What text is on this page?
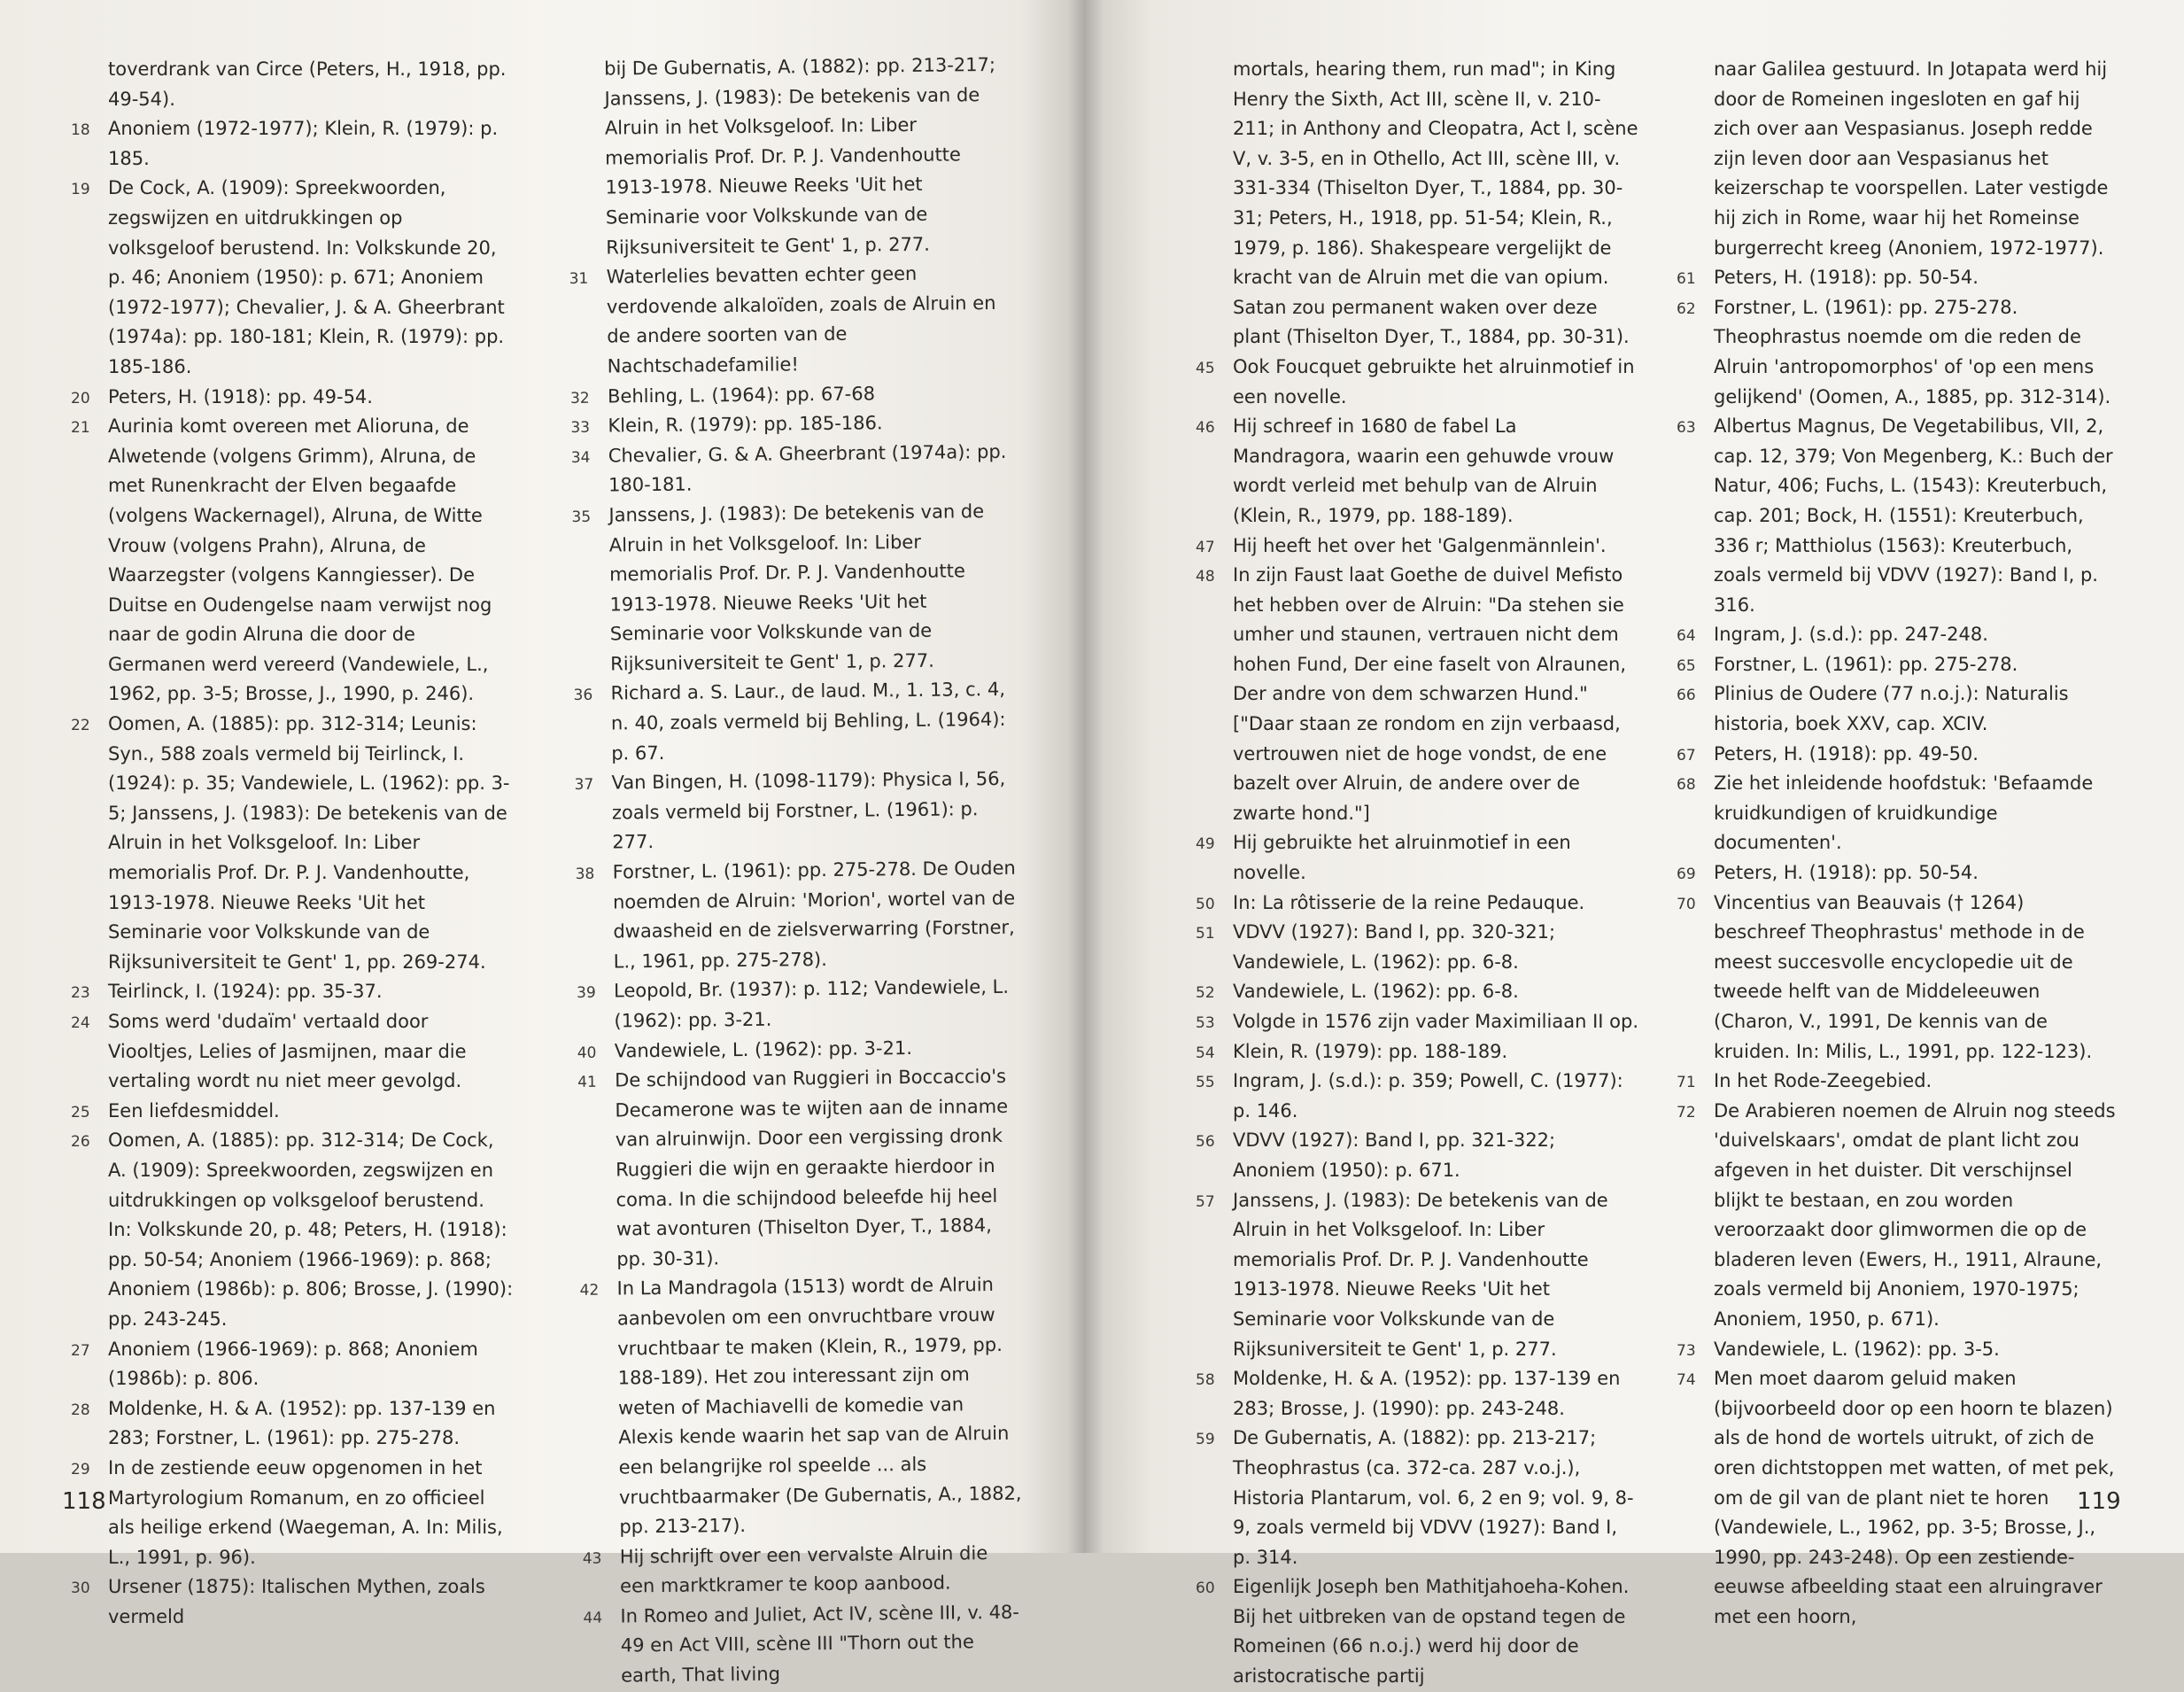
toverdrank van Circe (Peters, H., 1918, pp. 49-54).

18 Anoniem (1972-1977); Klein, R. (1979): p. 185.

19 De Cock, A. (1909): Spreekwoorden, zegswijzen en uitdrukkingen op volksgeloof berustend. In: Volkskunde 20, p. 46; Anoniem (1950): p. 671; Anoniem (1972-1977); Chevalier, J. & A. Gheerbrant (1974a): pp. 180-181; Klein, R. (1979): pp. 185-186.

20 Peters, H. (1918): pp. 49-54.

21 Aurinia komt overeen met Alioruna, de Alwetende (volgens Grimm), Alruna, de met Runenkracht der Elven begaafde (volgens Wackernagel), Alruna, de Witte Vrouw (volgens Prahn), Alruna, de Waarzegster (volgens Kanngiesser). De Duitse en Oudengelse naam verwijst nog naar de godin Alruna die door de Germanen werd vereerd (Vandewiele, L., 1962, pp. 3-5; Brosse, J., 1990, p. 246).

22 Oomen, A. (1885): pp. 312-314; Leunis: Syn., 588 zoals vermeld bij Teirlinck, I. (1924): p. 35; Vandewiele, L. (1962): pp. 3-5; Janssens, J. (1983): De betekenis van de Alruin in het Volksgeloof. In: Liber memorialis Prof. Dr. P. J. Vandenhoutte, 1913-1978. Nieuwe Reeks 'Uit het Seminarie voor Volkskunde van de Rijksuniversiteit te Gent' 1, pp. 269-274.

23 Teirlinck, I. (1924): pp. 35-37.

24 Soms werd 'dudaïm' vertaald door Viooltjes, Lelies of Jasmijnen, maar die vertaling wordt nu niet meer gevolgd.

25 Een liefdesmiddel.

26 Oomen, A. (1885): pp. 312-314; De Cock, A. (1909): Spreekwoorden, zegswijzen en uitdrukkingen op volksgeloof berustend. In: Volkskunde 20, p. 48; Peters, H. (1918): pp. 50-54; Anoniem (1966-1969): p. 868; Anoniem (1986b): p. 806; Brosse, J. (1990): pp. 243-245.

27 Anoniem (1966-1969): p. 868; Anoniem (1986b): p. 806.

28 Moldenke, H. & A. (1952): pp. 137-139 en 283; Forstner, L. (1961): pp. 275-278.

29 In de zestiende eeuw opgenomen in het Martyrologium Romanum, en zo officieel als heilige erkend (Waegeman, A. In: Milis, L., 1991, p. 96).

30 Ursener (1875): Italischen Mythen, zoals vermeld

bij De Gubernatis, A. (1882): pp. 213-217; Janssens, J. (1983): De betekenis van de Alruin in het Volksgeloof. In: Liber memorialis Prof. Dr. P. J. Vandenhoutte 1913-1978. Nieuwe Reeks 'Uit het Seminarie voor Volkskunde van de Rijksuniversiteit te Gent' 1, p. 277.

31 Waterlelies bevatten echter geen verdovende alkaloïden, zoals de Alruin en de andere soorten van de Nachtschadefamilie!

32 Behling, L. (1964): pp. 67-68

33 Klein, R. (1979): pp. 185-186.

34 Chevalier, G. & A. Gheerbrant (1974a): pp. 180-181.

35 Janssens, J. (1983): De betekenis van de Alruin in het Volksgeloof. In: Liber memorialis Prof. Dr. P. J. Vandenhoutte 1913-1978. Nieuwe Reeks 'Uit het Seminarie voor Volkskunde van de Rijksuniversiteit te Gent' 1, p. 277.

36 Richard a. S. Laur., de laud. M., 1. 13, c. 4, n. 40, zoals vermeld bij Behling, L. (1964): p. 67.

37 Van Bingen, H. (1098-1179): Physica I, 56, zoals vermeld bij Forstner, L. (1961): p. 277.

38 Forstner, L. (1961): pp. 275-278. De Ouden noemden de Alruin: 'Morion', wortel van de dwaasheid en de zielsverwarring (Forstner, L., 1961, pp. 275-278).

39 Leopold, Br. (1937): p. 112; Vandewiele, L. (1962): pp. 3-21.

40 Vandewiele, L. (1962): pp. 3-21.

41 De schijndood van Ruggieri in Boccaccio's Decamerone was te wijten aan de inname van alruinwijn. Door een vergissing dronk Ruggieri die wijn en geraakte hierdoor in coma. In die schijndood beleefde hij heel wat avonturen (Thiselton Dyer, T., 1884, pp. 30-31).

42 In La Mandragola (1513) wordt de Alruin aanbevolen om een onvruchtbare vrouw vruchtbaar te maken (Klein, R., 1979, pp. 188-189). Het zou interessant zijn om weten of Machiavelli de komedie van Alexis kende waarin het sap van de Alruin een belangrijke rol speelde ... als vruchtbaarmaker (De Gubernatis, A., 1882, pp. 213-217).

43 Hij schrijft over een vervalste Alruin die een marktkramer te koop aanbood.

44 In Romeo and Juliet, Act IV, scène III, v. 48-49 en Act VIII, scène III "Thorn out the earth, That living

118

mortals, hearing them, run mad"; in King Henry the Sixth, Act III, scène II, v. 210-211; in Anthony and Cleopatra, Act I, scène V, v. 3-5, en in Othello, Act III, scène III, v. 331-334 (Thiselton Dyer, T., 1884, pp. 30-31; Peters, H., 1918, pp. 51-54; Klein, R., 1979, p. 186). Shakespeare vergelijkt de kracht van de Alruin met die van opium. Satan zou permanent waken over deze plant (Thiselton Dyer, T., 1884, pp. 30-31).

45 Ook Foucquet gebruikte het alruinmotief in een novelle.

46 Hij schreef in 1680 de fabel La Mandragora, waarin een gehuwde vrouw wordt verleid met behulp van de Alruin (Klein, R., 1979, pp. 188-189).

47 Hij heeft het over het 'Galgenmännlein'.

48 In zijn Faust laat Goethe de duivel Mefisto het hebben over de Alruin: "Da stehen sie umher und staunen, vertrauen nicht dem hohen Fund, Der eine faselt von Alraunen, Der andre von dem schwarzen Hund." ["Daar staan ze rondom en zijn verbaasd, vertrouwen niet de hoge vondst, de ene bazelt over Alruin, de andere over de zwarte hond."]

49 Hij gebruikte het alruinmotief in een novelle.

50 In: La rôtisserie de la reine Pedauque.

51 VDVV (1927): Band I, pp. 320-321; Vandewiele, L. (1962): pp. 6-8.

52 Vandewiele, L. (1962): pp. 6-8.

53 Volgde in 1576 zijn vader Maximiliaan II op.

54 Klein, R. (1979): pp. 188-189.

55 Ingram, J. (s.d.): p. 359; Powell, C. (1977): p. 146.

56 VDVV (1927): Band I, pp. 321-322; Anoniem (1950): p. 671.

57 Janssens, J. (1983): De betekenis van de Alruin in het Volksgeloof. In: Liber memorialis Prof. Dr. P. J. Vandenhoutte 1913-1978. Nieuwe Reeks 'Uit het Seminarie voor Volkskunde van de Rijksuniversiteit te Gent' 1, p. 277.

58 Moldenke, H. & A. (1952): pp. 137-139 en 283; Brosse, J. (1990): pp. 243-248.

59 De Gubernatis, A. (1882): pp. 213-217; Theophrastus (ca. 372-ca. 287 v.o.j.), Historia Plantarum, vol. 6, 2 en 9; vol. 9, 8-9, zoals vermeld bij VDVV (1927): Band I, p. 314.

60 Eigenlijk Joseph ben Mathitjahoeha-Kohen. Bij het uitbreken van de opstand tegen de Romeinen (66 n.o.j.) werd hij door de aristocratische partij

naar Galilea gestuurd. In Jotapata werd hij door de Romeinen ingesloten en gaf hij zich over aan Vespasianus. Joseph redde zijn leven door aan Vespasianus het keizerschap te voorspellen. Later vestigde hij zich in Rome, waar hij het Romeinse burgerrecht kreeg (Anoniem, 1972-1977).

61 Peters, H. (1918): pp. 50-54.

62 Forstner, L. (1961): pp. 275-278. Theophrastus noemde om die reden de Alruin 'antropomorphos' of 'op een mens gelijkend' (Oomen, A., 1885, pp. 312-314).

63 Albertus Magnus, De Vegetabilibus, VII, 2, cap. 12, 379; Von Megenberg, K.: Buch der Natur, 406; Fuchs, L. (1543): Kreuterbuch, cap. 201; Bock, H. (1551): Kreuterbuch, 336 r; Matthiolus (1563): Kreuterbuch, zoals vermeld bij VDVV (1927): Band I, p. 316.

64 Ingram, J. (s.d.): pp. 247-248.

65 Forstner, L. (1961): pp. 275-278.

66 Plinius de Oudere (77 n.o.j.): Naturalis historia, boek XXV, cap. XCIV.

67 Peters, H. (1918): pp. 49-50.

68 Zie het inleidende hoofdstuk: 'Befaamde kruidkundigen of kruidkundige documenten'.

69 Peters, H. (1918): pp. 50-54.

70 Vincentius van Beauvais († 1264) beschreef Theophrastus' methode in de meest succesvolle encyclopedie uit de tweede helft van de Middeleeuwen (Charon, V., 1991, De kennis van de kruiden. In: Milis, L., 1991, pp. 122-123).

71 In het Rode-Zeegebied.

72 De Arabieren noemen de Alruin nog steeds 'duivelskaars', omdat de plant licht zou afgeven in het duister. Dit verschijnsel blijkt te bestaan, en zou worden veroorzaakt door glimwormen die op de bladeren leven (Ewers, H., 1911, Alraune, zoals vermeld bij Anoniem, 1970-1975; Anoniem, 1950, p. 671).

73 Vandewiele, L. (1962): pp. 3-5.

74 Men moet daarom geluid maken (bijvoorbeeld door op een hoorn te blazen) als de hond de wortels uitrukt, of zich de oren dichtstoppen met watten, of met pek, om de gil van de plant niet te horen (Vandewiele, L., 1962, pp. 3-5; Brosse, J., 1990, pp. 243-248). Op een zestiende-eeuwse afbeelding staat een alruingraver met een hoorn,

119
